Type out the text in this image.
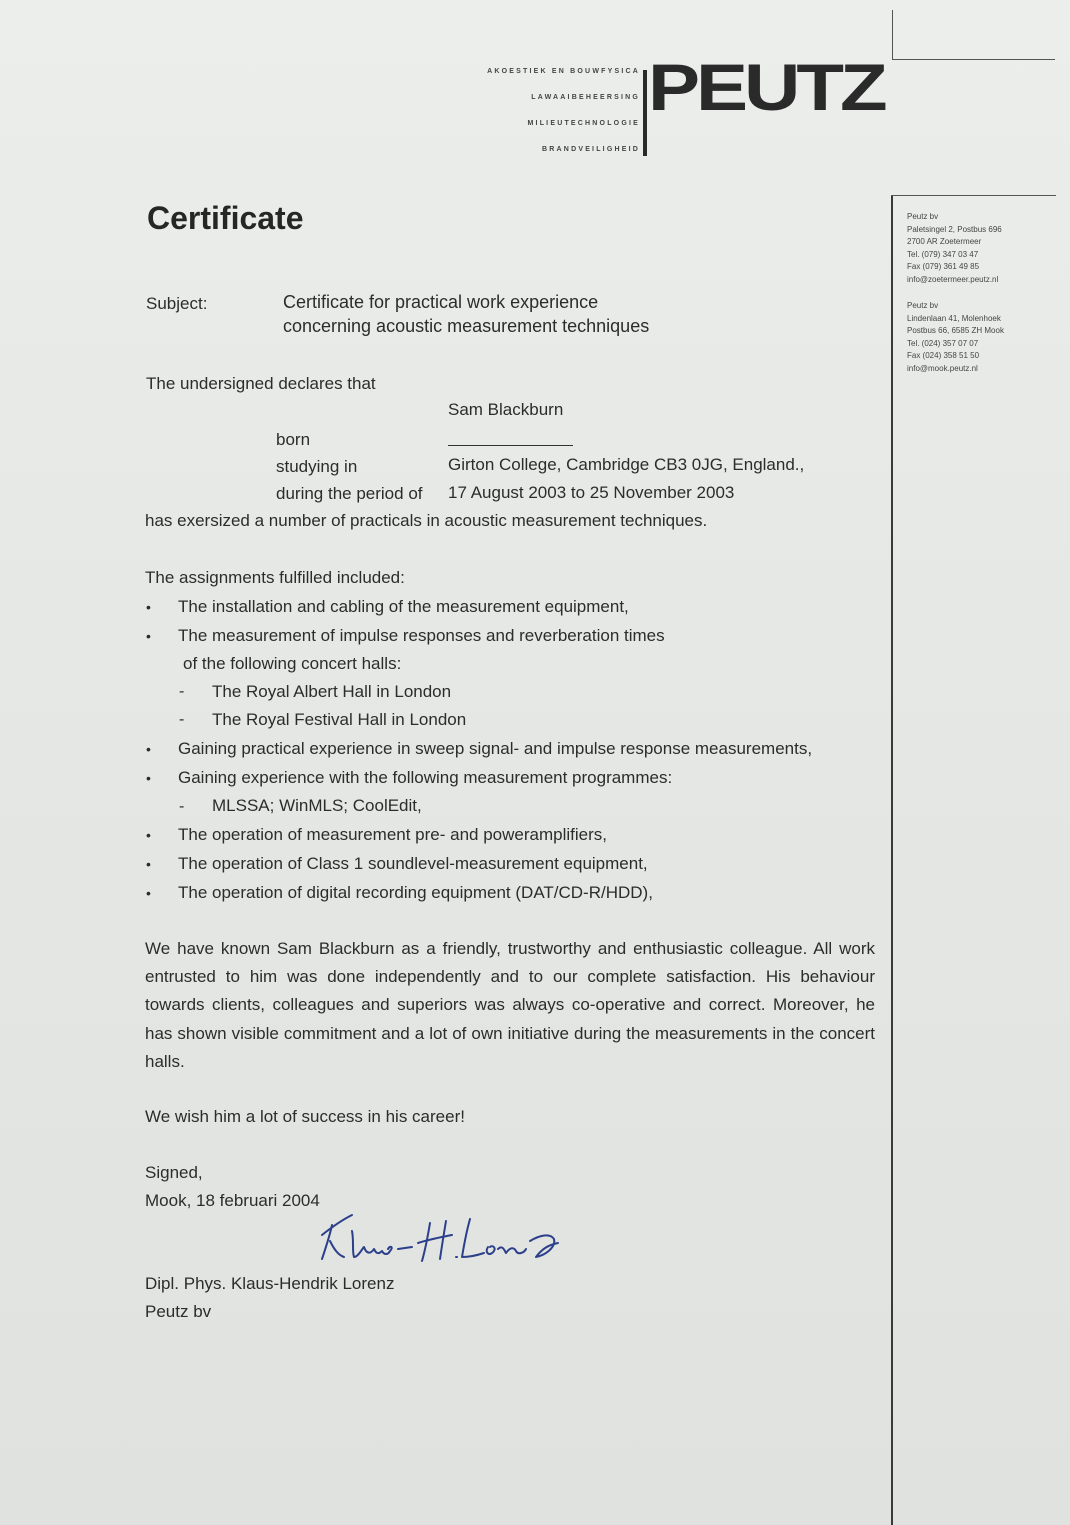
AKOESTIEK EN BOUWFYSICA
LAWAAIBEHEERSING
MILIEUTECHNOLOGIE
BRANDVEILIGHEID
PEUTZ
Peutz bv
Paletsingel 2, Postbus 696
2700 AR Zoetermeer
Tel. (079) 347 03 47
Fax (079) 361 49 85
info@zoetermeer.peutz.nl
Peutz bv
Lindenlaan 41, Molenhoek
Postbus 66, 6585 ZH Mook
Tel. (024) 357 07 07
Fax (024) 358 51 50
info@mook.peutz.nl
Certificate
Subject:	Certificate for practical work experience
concerning acoustic measurement techniques
The undersigned declares that
Sam Blackburn
born
studying in	Girton College, Cambridge CB3 0JG, England.,
during the period of 17 August 2003 to 25 November 2003
has exersized a number of practicals in acoustic measurement techniques.
The assignments fulfilled included:
• The installation and cabling of the measurement equipment,
• The measurement of impulse responses and reverberation times
of the following concert halls:
- The Royal Albert Hall in London
- The Royal Festival Hall in London
• Gaining practical experience in sweep signal- and impulse response measurements,
• Gaining experience with the following measurement programmes:
- MLSSA; WinMLS; CoolEdit,
• The operation of measurement pre- and poweramplifiers,
• The operation of Class 1 soundlevel-measurement equipment,
• The operation of digital recording equipment (DAT/CD-R/HDD),
We have known Sam Blackburn as a friendly, trustworthy and enthusiastic colleague. All work entrusted to him was done independently and to our complete satisfaction. His behaviour towards clients, colleagues and superiors was always co-operative and correct. Moreover, he has shown visible commitment and a lot of own initiative during the measurements in the concert halls.
We wish him a lot of success in his career!
Signed,
Mook, 18 februari 2004
Dipl. Phys. Klaus-Hendrik Lorenz
Peutz bv
